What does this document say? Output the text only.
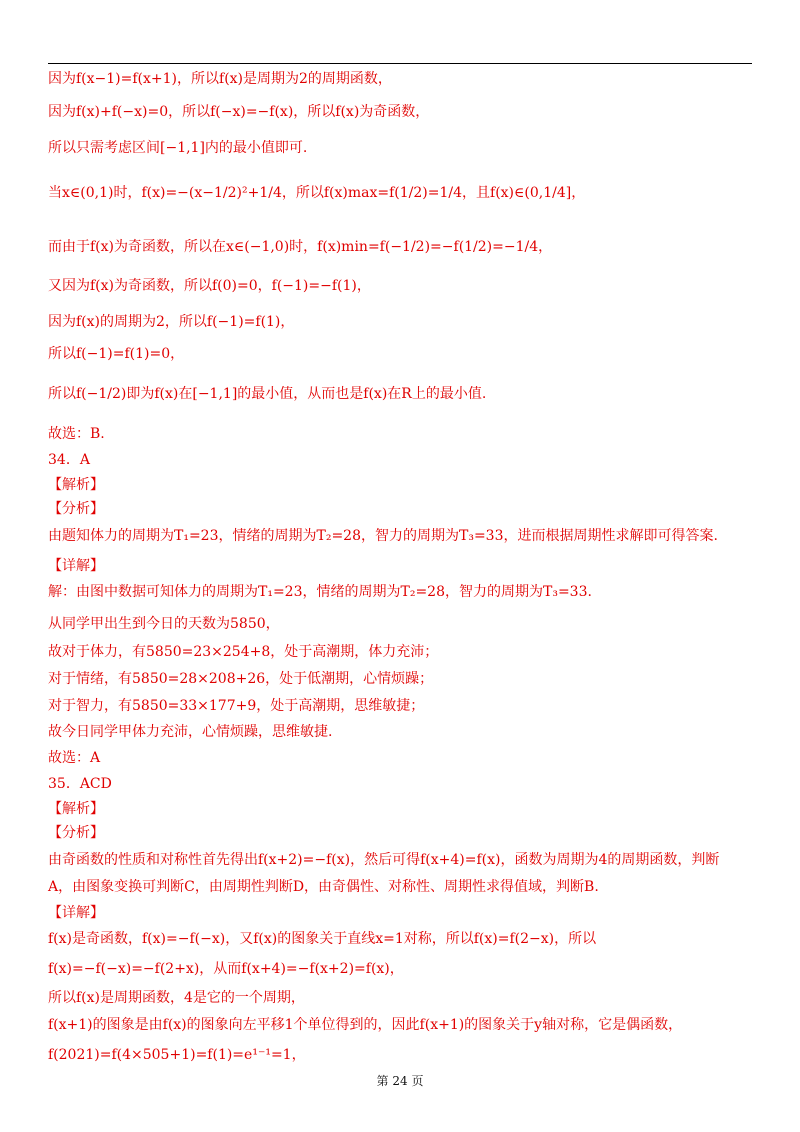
因为f(x−1)=f(x+1)，所以f(x)是周期为2的周期函数，
因为f(x)+f(−x)=0，所以f(−x)=−f(x)，所以f(x)为奇函数，
所以只需考虑区间[−1,1]内的最小值即可.
当x∈(0,1)时，f(x)=−(x−1/2)²+1/4，所以f(x)max=f(1/2)=1/4，且f(x)∈(0,1/4]，
而由于f(x)为奇函数，所以在x∈(−1,0)时，f(x)min=f(−1/2)=−f(1/2)=−1/4，
又因为f(x)为奇函数，所以f(0)=0，f(−1)=−f(1)，
因为f(x)的周期为2，所以f(−1)=f(1)，
所以f(−1)=f(1)=0，
所以f(−1/2)即为f(x)在[−1,1]的最小值，从而也是f(x)在R上的最小值.
故选：B.
34．A
【解析】
【分析】
由题知体力的周期为T₁=23，情绪的周期为T₂=28，智力的周期为T₃=33，进而根据周期性求解即可得答案.
【详解】
解：由图中数据可知体力的周期为T₁=23，情绪的周期为T₂=28，智力的周期为T₃=33.
从同学甲出生到今日的天数为5850，
故对于体力，有5850=23×254+8，处于高潮期，体力充沛；
对于情绪，有5850=28×208+26，处于低潮期，心情烦躁；
对于智力，有5850=33×177+9，处于高潮期，思维敏捷；
故今日同学甲体力充沛，心情烦躁，思维敏捷.
故选：A
35．ACD
【解析】
【分析】
由奇函数的性质和对称性首先得出f(x+2)=−f(x)，然后可得f(x+4)=f(x)，函数为周期为4的周期函数，判断
A，由图象变换可判断C，由周期性判断D，由奇偶性、对称性、周期性求得值域，判断B.
【详解】
f(x)是奇函数，f(x)=−f(−x)，又f(x)的图象关于直线x=1对称，所以f(x)=f(2−x)，所以
f(x)=−f(−x)=−f(2+x)，从而f(x+4)=−f(x+2)=f(x)，
所以f(x)是周期函数，4是它的一个周期，
f(x+1)的图象是由f(x)的图象向左平移1个单位得到的，因此f(x+1)的图象关于y轴对称，它是偶函数，
f(2021)=f(4×505+1)=f(1)=e¹⁻¹=1，
第 24 页
